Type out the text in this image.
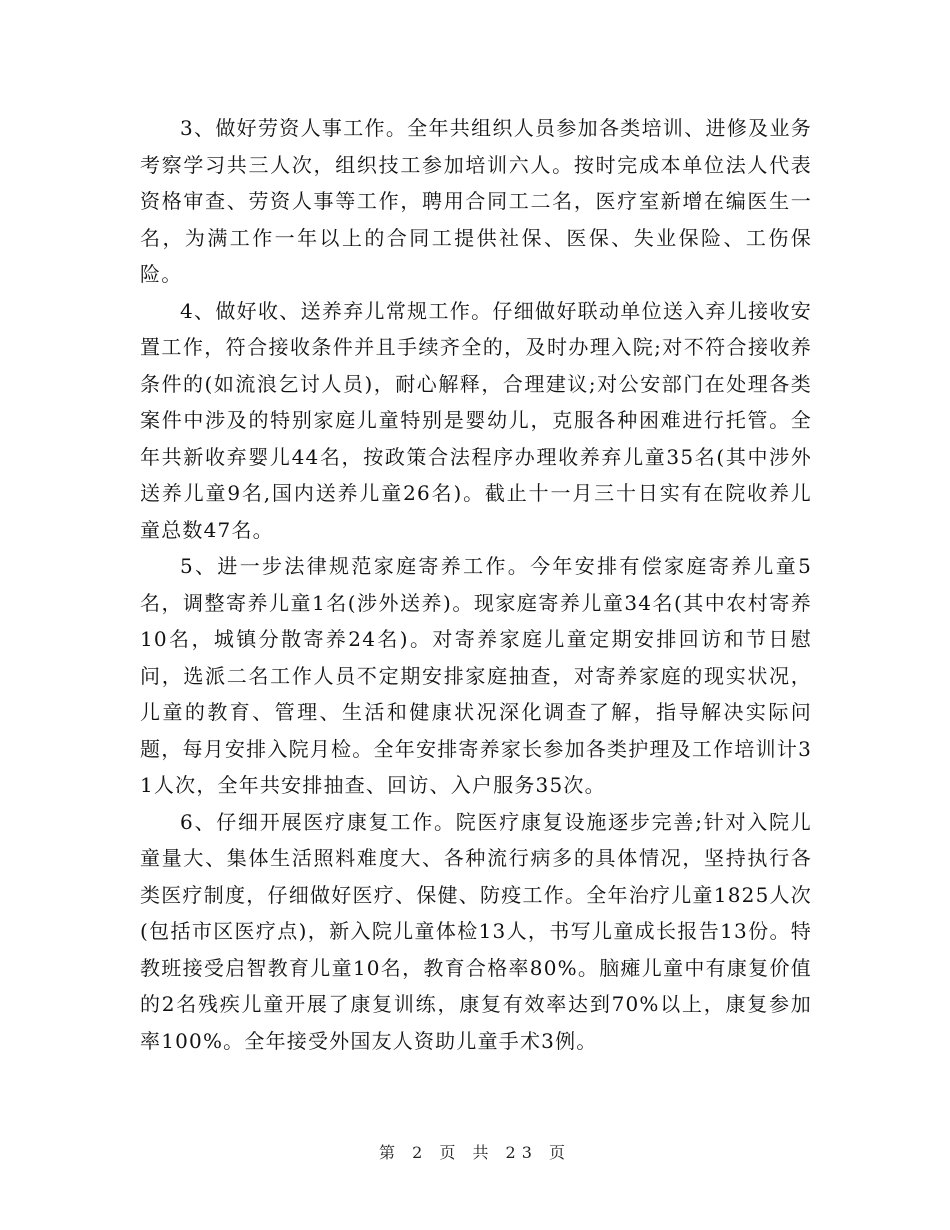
3、做好劳资人事工作。全年共组织人员参加各类培训、进修及业务考察学习共三人次，组织技工参加培训六人。按时完成本单位法人代表资格审查、劳资人事等工作，聘用合同工二名，医疗室新增在编医生一名，为满工作一年以上的合同工提供社保、医保、失业保险、工伤保险。

4、做好收、送养弃儿常规工作。仔细做好联动单位送入弃儿接收安置工作，符合接收条件并且手续齐全的，及时办理入院;对不符合接收养条件的(如流浪乞讨人员)，耐心解释，合理建议;对公安部门在处理各类案件中涉及的特别家庭儿童特别是婴幼儿，克服各种困难进行托管。全年共新收弃婴儿44名，按政策合法程序办理收养弃儿童35名(其中涉外送养儿童9名,国内送养儿童26名)。截止十一月三十日实有在院收养儿童总数47名。

5、进一步法律规范家庭寄养工作。今年安排有偿家庭寄养儿童5名，调整寄养儿童1名(涉外送养)。现家庭寄养儿童34名(其中农村寄养10名，城镇分散寄养24名)。对寄养家庭儿童定期安排回访和节日慰问，选派二名工作人员不定期安排家庭抽查，对寄养家庭的现实状况，儿童的教育、管理、生活和健康状况深化调查了解，指导解决实际问题，每月安排入院月检。全年安排寄养家长参加各类护理及工作培训计31人次，全年共安排抽查、回访、入户服务35次。

6、仔细开展医疗康复工作。院医疗康复设施逐步完善;针对入院儿童量大、集体生活照料难度大、各种流行病多的具体情况，坚持执行各类医疗制度，仔细做好医疗、保健、防疫工作。全年治疗儿童1825人次(包括市区医疗点)，新入院儿童体检13人，书写儿童成长报告13份。特教班接受启智教育儿童10名，教育合格率80%。脑瘫儿童中有康复价值的2名残疾儿童开展了康复训练，康复有效率达到70%以上，康复参加率100%。全年接受外国友人资助儿童手术3例。

第 2 页 共 23 页
